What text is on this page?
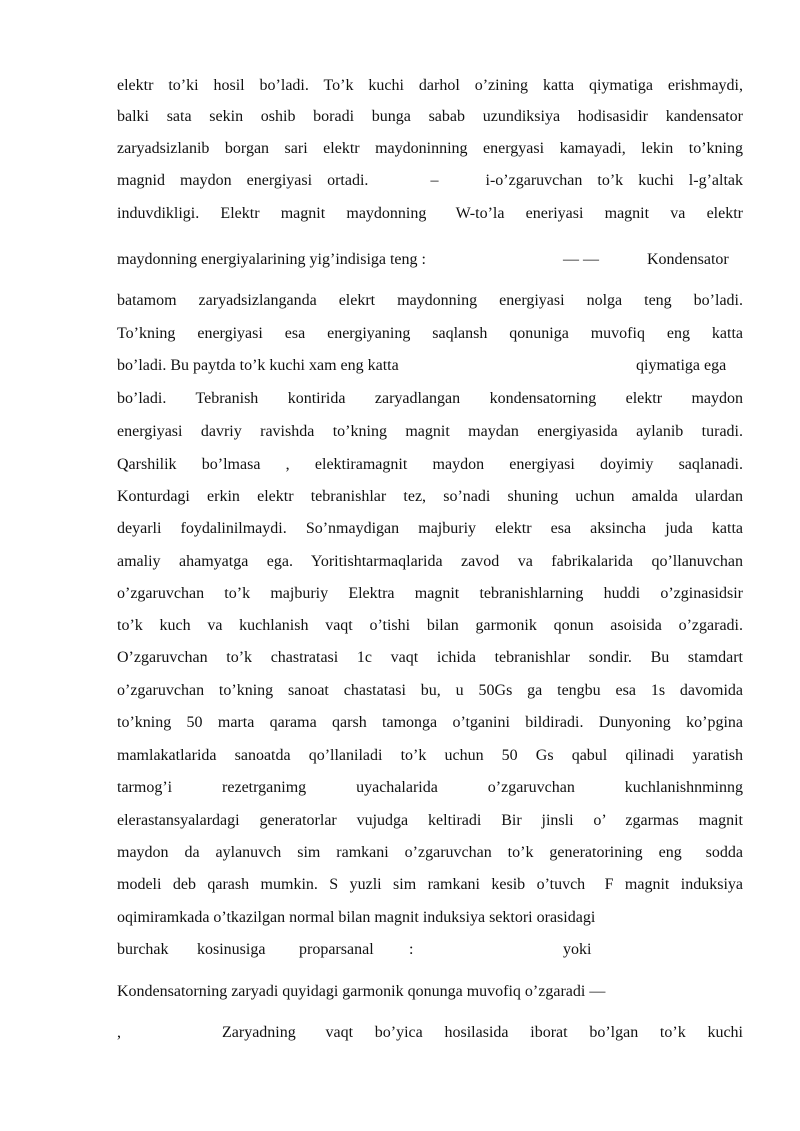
elektr to’ki hosil bo’ladi. To’k kuchi darhol o’zining katta qiymatiga erishmaydi,
balki sata sekin oshib boradi bunga sabab uzundiksiya hodisasidir kandensator
zaryadsizlanib borgan sari elektr maydoninning energyasi kamayadi, lekin to’kning
magnid maydon energiyasi ortadi.    –   i-o’zgaruvchan to’k kuchi l-g’altak
induvdikligi. Elektr magnit maydonning  W-to’la eneriyasi magnit va elektr
maydonning energiyalarining yig’indisiga teng :	— —	Kondensator
batamom zaryadsizlanganda elekrt maydonning energiyasi nolga teng bo’ladi.
To’kning energiyasi esa energiyaning saqlansh qonuniga muvofiq eng katta
bo’ladi. Bu paytda to’k kuchi xam eng katta	qiymatiga ega
bo’ladi. Tebranish kontirida zaryadlangan kondensatorning elektr maydon
energiyasi davriy ravishda to’kning magnit maydan energiyasida aylanib turadi.
Qarshilik bo’lmasa , elektiramagnit maydon energiyasi doyimiy saqlanadi.
Konturdagi erkin elektr tebranishlar tez, so’nadi shuning uchun amalda ulardan
deyarli foydalinilmaydi. So’nmaydigan majburiy elektr esa aksincha juda katta
amaliy ahamyatga ega. Yoritishtarmaqlarida zavod va fabrikalarida qo’llanuvchan
o’zgaruvchan to’k majburiy Elektra magnit tebranishlarning huddi o’zginasidsir
to’k kuch va kuchlanish vaqt o’tishi bilan garmonik qonun asoisida o’zgaradi.
O’zgaruvchan to’k chastratasi 1c vaqt ichida tebranishlar sondir. Bu stamdart
o’zgaruvchan to’kning sanoat chastatasi bu, u 50Gs ga tengbu esa 1s davomida
to’kning 50 marta qarama qarsh tamonga o’tganini bildiradi. Dunyoning ko’pgina
mamlakatlarida sanoatda qo’llaniladi to’k uchun 50 Gs qabul qilinadi yaratish
tarmog’i rezetrganimg uyachalarida o’zgaruvchan kuchlanishnminng
elerastansyalardagi generatorlar vujudga keltiradi Bir jinsli o’ zgarmas magnit
maydon da aylanuvch sim ramkani o’zgaruvchan to’k generatorining eng  sodda
modeli deb qarash mumkin. S yuzli sim ramkani kesib o’tuvch  F magnit induksiya
oqimiramkada o’tkazilgan normal bilan magnit induksiya sektori orasidagi
burchak kosinusiga proparsanal :	yoki
Kondensatorning zaryadi quyidagi garmonik qonunga muvofiq o’zgaradi —
,	Zaryadning  vaqt bo’yica hosilasida iborat bo’lgan to’k kuchi
